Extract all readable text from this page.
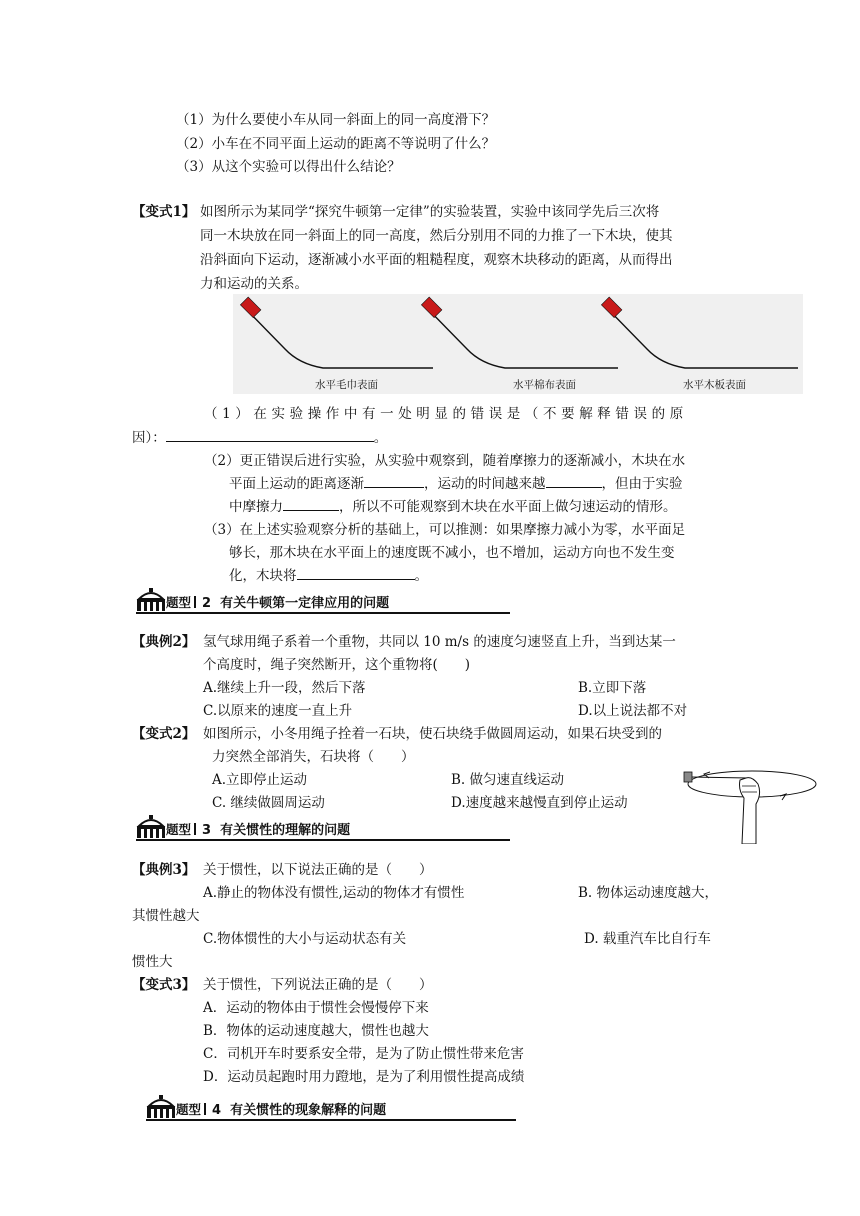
（1）为什么要使小车从同一斜面上的同一高度滑下？
（2）小车在不同平面上运动的距离不等说明了什么？
（3）从这个实验可以得出什么结论？
【变式1】 如图所示为某同学“探究牛顿第一定律”的实验装置，实验中该同学先后三次将
同一木块放在同一斜面上的同一高度，然后分别用不同的力推了一下木块，使其
沿斜面向下运动，逐渐减小水平面的粗糙程度，观察木块移动的距离，从而得出
力和运动的关系。
水平毛巾表面	水平棉布表面	水平木板表面
（1）在实验操作中有一处明显的错误是（不要解释错误的原
因）：	。
（2）更正错误后进行实验，从实验中观察到，随着摩擦力的逐渐减小，木块在水
平面上运动的距离逐渐	，运动的时间越来越	，但由于实验
中摩擦力	，所以不可能观察到木块在水平面上做匀速运动的情形。
（3）在上述实验观察分析的基础上，可以推测：如果摩擦力减小为零，水平面足
够长，那木块在水平面上的速度既不减小，也不增加，运动方向也不发生变
化，木块将	。
题型 2 有关牛顿第一定律应用的问题
【典例2】 氢气球用绳子系着一个重物，共同以 10 m/s 的速度匀速竖直上升，当到达某一
个高度时，绳子突然断开，这个重物将(　　)
A.继续上升一段，然后下落	B.立即下落
C.以原来的速度一直上升	D.以上说法都不对
【变式2】 如图所示，小冬用绳子拴着一石块，使石块绕手做圆周运动，如果石块受到的
力突然全部消失，石块将（　　）
A.立即停止运动	B. 做匀速直线运动
C. 继续做圆周运动	D.速度越来越慢直到停止运动
题型 3 有关惯性的理解的问题
【典例3】 关于惯性，以下说法正确的是（　　）
A.静止的物体没有惯性,运动的物体才有惯性	B. 物体运动速度越大，
其惯性越大
C.物体惯性的大小与运动状态有关	D. 载重汽车比自行车
惯性大
【变式3】 关于惯性，下列说法正确的是（　　）
A．运动的物体由于惯性会慢慢停下来
B．物体的运动速度越大，惯性也越大
C．司机开车时要系安全带，是为了防止惯性带来危害
D．运动员起跑时用力蹬地，是为了利用惯性提高成绩
题型 4 有关惯性的现象解释的问题
